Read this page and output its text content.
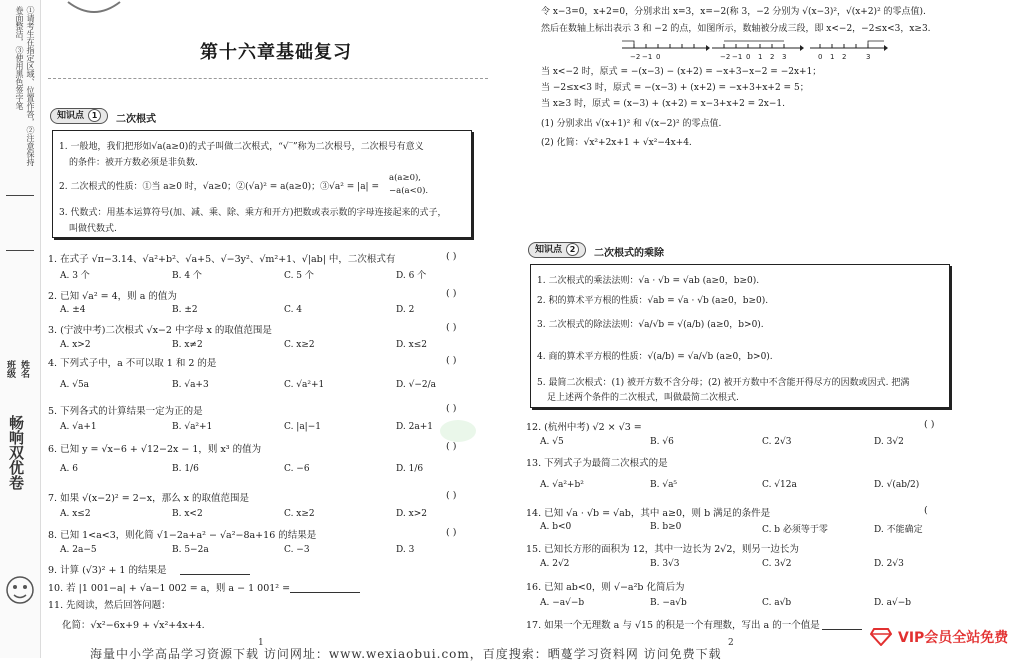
①请考生在指定区域、位置作答，②注意保持卷面整洁，③使用黑色签字笔
班级 姓名
畅响双优卷
第十六章基础复习
知识点 1	二次根式
1. 一般地，我们把形如√a(a≥0)的式子叫做二次根式，“√‾”称为二次根号，二次根号有意义
的条件：被开方数必须是非负数.
2. 二次根式的性质：①当 a≥0 时，√a≥0；②(√a)² = a(a≥0)；③√a² = |a| =
a(a≥0),
−a(a<0).
3. 代数式：用基本运算符号(加、减、乘、除、乘方和开方)把数或表示数的字母连接起来的式子，
叫做代数式.
1. 在式子 √π−3.14、√a²+b²、√a+5、√−3y²、√m²+1、√|ab| 中，二次根式有	( )
A. 3 个	B. 4 个	C. 5 个	D. 6 个
2. 已知 √a² = 4，则 a 的值为	( )
A. ±4	B. ±2	C. 4	D. 2
3. (宁波中考)二次根式 √x−2 中字母 x 的取值范围是	( )
A. x>2	B. x≠2	C. x≥2	D. x≤2
4. 下列式子中，a 不可以取 1 和 2 的是	( )
A. √5a	B. √a+3	C. √a²+1	D. √−2/a
5. 下列各式的计算结果一定为正的是	( )
A. √a+1	B. √a²+1	C. |a|−1	D. 2a+1
6. 已知 y = √x−6 + √12−2x − 1，则 x³ 的值为	( )
A. 6	B. 1/6	C. −6	D. 1/6
7. 如果 √(x−2)² = 2−x，那么 x 的取值范围是	( )
A. x≤2	B. x<2	C. x≥2	D. x>2
8. 已知 1<a<3，则化简 √1−2a+a² − √a²−8a+16 的结果是	( )
A. 2a−5	B. 5−2a	C. −3	D. 3
9. 计算 (√3)² + 1 的结果是
10. 若 |1 001−a| + √a−1 002 = a，则 a − 1 001² =
11. 先阅读，然后回答问题：
化简：√x²−6x+9 + √x²+4x+4.
1
令 x−3=0，x+2=0，分别求出 x=3，x=−2(称 3，−2 分别为 √(x−3)²，√(x+2)² 的零点值).
然后在数轴上标出表示 3 和 −2 的点，如图所示，数轴被分成三段，即 x<−2，−2≤x<3，x≥3.
−2 −1 0	−2 −1 0 1 2 3	0 1 2	3
当 x<−2 时，原式 = −(x−3) − (x+2) = −x+3−x−2 = −2x+1；
当 −2≤x<3 时，原式 = −(x−3) + (x+2) = −x+3+x+2 = 5；
当 x≥3 时，原式 = (x−3) + (x+2) = x−3+x+2 = 2x−1.
(1) 分别求出 √(x+1)² 和 √(x−2)² 的零点值.
(2) 化简：√x²+2x+1 + √x²−4x+4.
知识点 2	二次根式的乘除
1. 二次根式的乘法法则：√a · √b = √ab (a≥0，b≥0).
2. 积的算术平方根的性质：√ab = √a · √b (a≥0，b≥0).
3. 二次根式的除法法则：√a/√b = √(a/b) (a≥0，b>0).
4. 商的算术平方根的性质：√(a/b) = √a/√b (a≥0，b>0).
5. 最简二次根式：(1) 被开方数不含分母；(2) 被开方数中不含能开得尽方的因数或因式. 把满
足上述两个条件的二次根式，叫做最简二次根式.
12. (杭州中考) √2 × √3 =	( )
A. √5	B. √6	C. 2√3	D. 3√2
13. 下列式子为最简二次根式的是
A. √a²+b²	B. √a⁵	C. √12a	D. √(ab/2)
14. 已知 √a · √b = √ab，其中 a≥0，则 b 满足的条件是	(
A. b<0	B. b≥0	C. b 必须等于零	D. 不能确定
15. 已知长方形的面积为 12，其中一边长为 2√2，则另一边长为
A. 2√2	B. 3√3	C. 3√2	D. 2√3
16. 已知 ab<0，则 √−a²b 化简后为
A. −a√−b	B. −a√b	C. a√b	D. a√−b
17. 如果一个无理数 a 与 √15 的积是一个有理数，写出 a 的一个值是
2
海量中小学高品学习资源下载 访问网址：www.wexiaobui.com，百度搜索：晒蔓学习资料网 访问免费下载
VIP会员全站免费
